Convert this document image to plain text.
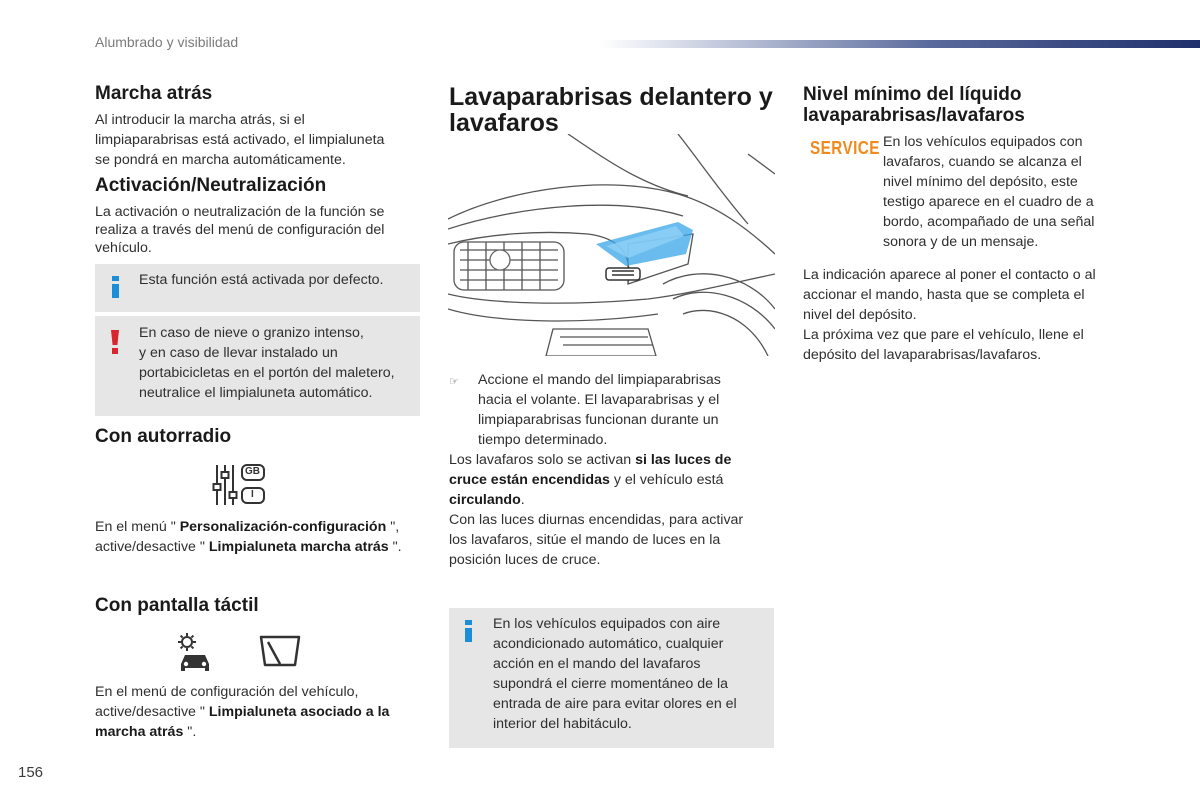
Alumbrado y visibilidad
Marcha atrás
Al introducir la marcha atrás, si el
limpiaparabrisas está activado, el limpialuneta
se pondrá en marcha automáticamente.
Activación/Neutralización
La activación o neutralización de la función se
realiza a través del menú de configuración del
vehículo.
Esta función está activada por defecto.
En caso de nieve o granizo intenso,
y en caso de llevar instalado un
portabicicletas en el portón del maletero,
neutralice el limpialuneta automático.
Con autorradio
GB
I
En el menú " Personalización-configuración ",
active/desactive " Limpialuneta marcha atrás ".
Con pantalla táctil
En el menú de configuración del vehículo,
active/desactive " Limpialuneta asociado a la
marcha atrás ".
Lavaparabrisas delantero y
lavafaros
☞ Accione el mando del limpiaparabrisas
hacia el volante. El lavaparabrisas y el
limpiaparabrisas funcionan durante un
tiempo determinado.
Los lavafaros solo se activan si las luces de
cruce están encendidas y el vehículo está
circulando.
Con las luces diurnas encendidas, para activar
los lavafaros, sitúe el mando de luces en la
posición luces de cruce.
En los vehículos equipados con aire
acondicionado automático, cualquier
acción en el mando del lavafaros
supondrá el cierre momentáneo de la
entrada de aire para evitar olores en el
interior del habitáculo.
Nivel mínimo del líquido
lavaparabrisas/lavafaros
SERVICE En los vehículos equipados con
lavafaros, cuando se alcanza el
nivel mínimo del depósito, este
testigo aparece en el cuadro de a
bordo, acompañado de una señal
sonora y de un mensaje.
La indicación aparece al poner el contacto o al
accionar el mando, hasta que se completa el
nivel del depósito.
La próxima vez que pare el vehículo, llene el
depósito del lavaparabrisas/lavafaros.
156
